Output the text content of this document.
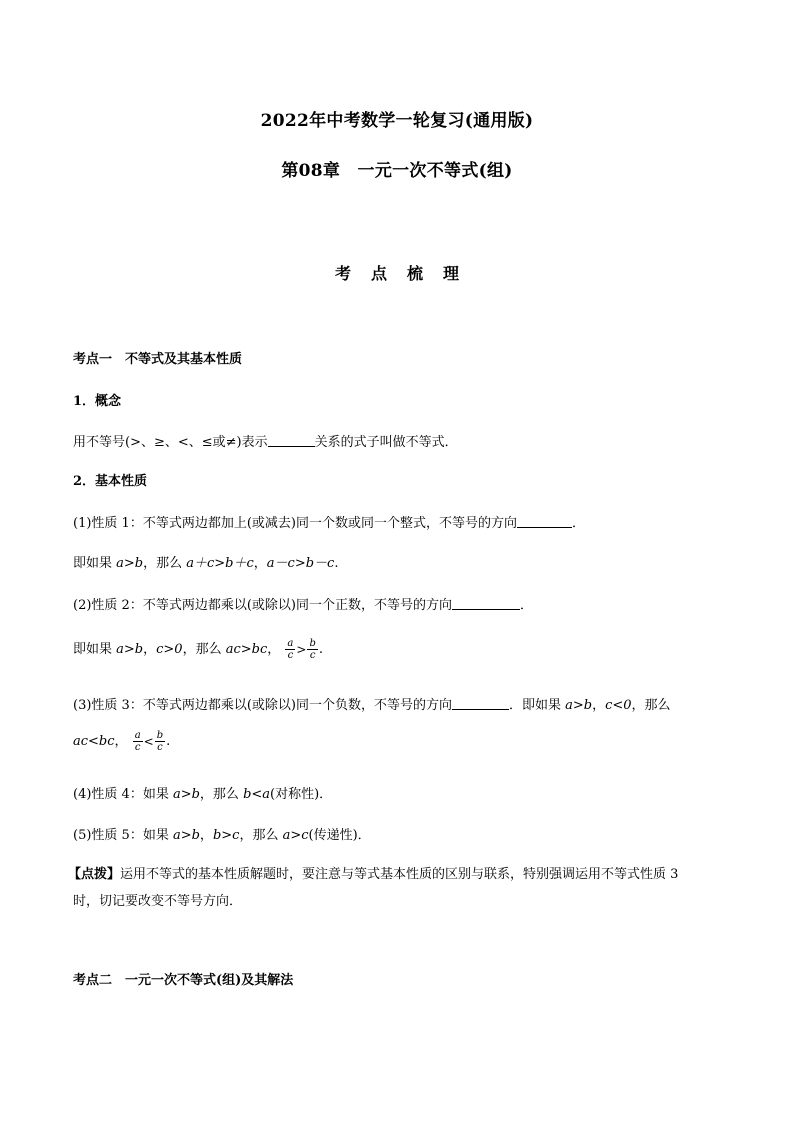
2022年中考数学一轮复习(通用版)
第08章　一元一次不等式(组)
考点梳理
考点一　不等式及其基本性质
1．概念
用不等号(>、≥、<、≤或≠)表示	关系的式子叫做不等式．
2．基本性质
(1)性质 1：不等式两边都加上(或减去)同一个数或同一个整式，不等号的方向	．
即如果 a>b，那么 a＋c>b＋c，a－c>b－c.
(2)性质 2：不等式两边都乘以(或除以)同一个正数，不等号的方向	．
即如果 a>b，c>0，那么 ac>bc， $\frac{a}{c} > \frac{b}{c}$ .
(3)性质 3：不等式两边都乘以(或除以)同一个负数，不等号的方向	．即如果 a>b，c<0，那么
ac<bc， $\frac{a}{c} < \frac{b}{c}$ .
(4)性质 4：如果 a>b，那么 b<a(对称性)．
(5)性质 5：如果 a>b，b>c，那么 a>c(传递性)．
【点拨】运用不等式的基本性质解题时，要注意与等式基本性质的区别与联系，特别强调运用不等式性质 3
时，切记要改变不等号方向．
考点二　一元一次不等式(组)及其解法
